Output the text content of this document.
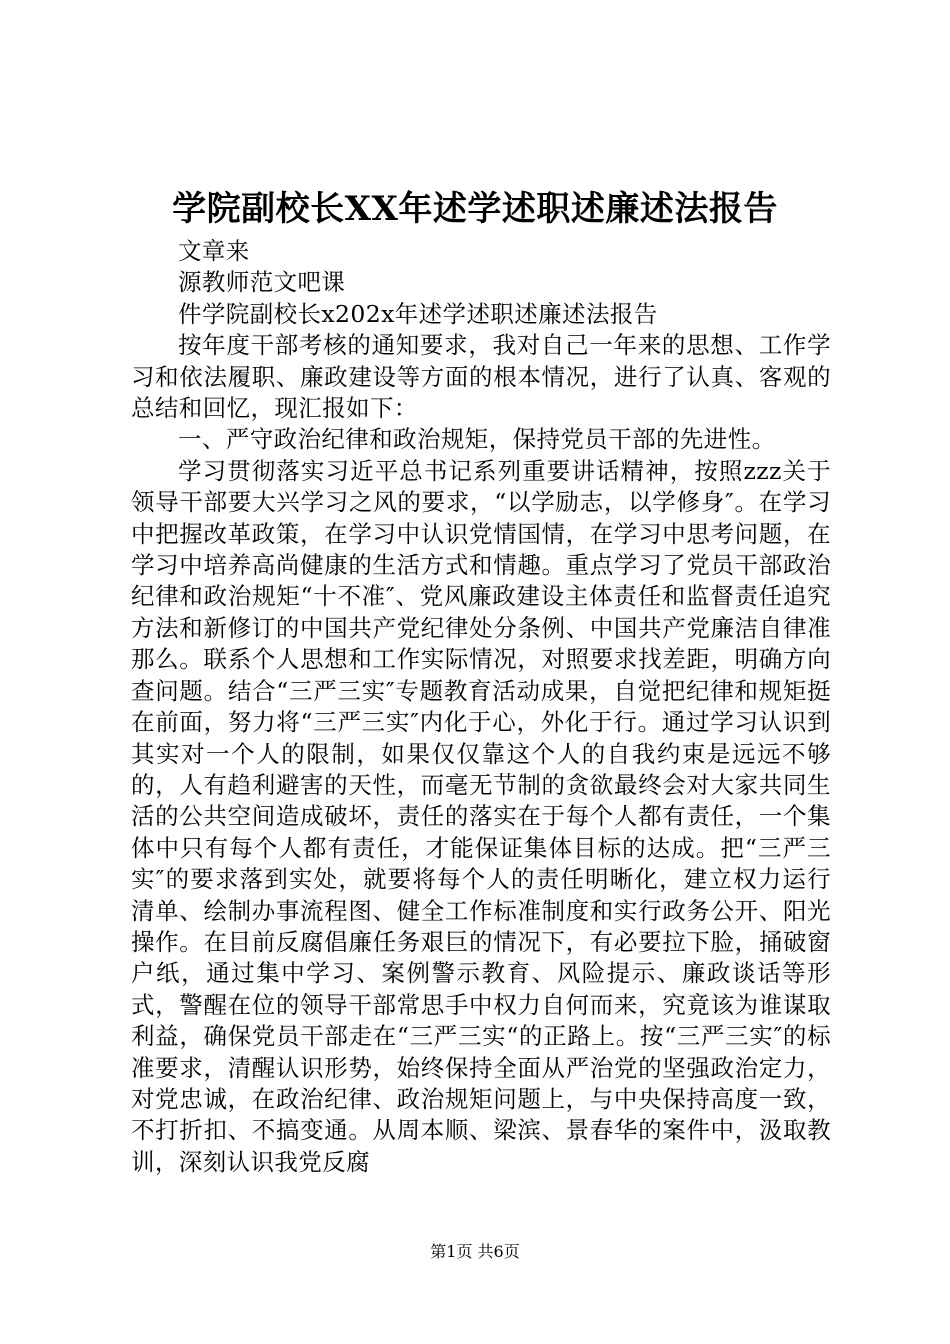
学院副校长XX年述学述职述廉述法报告

文章来

源教师范文吧课

件学院副校长x202x年述学述职述廉述法报告

按年度干部考核的通知要求，我对自己一年来的思想、工作学习和依法履职、廉政建设等方面的根本情况，进行了认真、客观的总结和回忆，现汇报如下：

一、严守政治纪律和政治规矩，保持党员干部的先进性。

学习贯彻落实习近平总书记系列重要讲话精神，按照zzz关于领导干部要大兴学习之风的要求，“以学励志，以学修身″。在学习中把握改革政策，在学习中认识党情国情，在学习中思考问题，在学习中培养高尚健康的生活方式和情趣。重点学习了党员干部政治纪律和政治规矩“十不准″、党风廉政建设主体责任和监督责任追究方法和新修订的中国共产党纪律处分条例、中国共产党廉洁自律准那么。联系个人思想和工作实际情况，对照要求找差距，明确方向查问题。结合“三严三实″专题教育活动成果，自觉把纪律和规矩挺在前面，努力将“三严三实″内化于心，外化于行。通过学习认识到其实对一个人的限制，如果仅仅靠这个人的自我约束是远远不够的，人有趋利避害的天性，而毫无节制的贪欲最终会对大家共同生活的公共空间造成破坏，责任的落实在于每个人都有责任，一个集体中只有每个人都有责任，才能保证集体目标的达成。把“三严三实″的要求落到实处，就要将每个人的责任明晰化，建立权力运行清单、绘制办事流程图、健全工作标准制度和实行政务公开、阳光操作。在目前反腐倡廉任务艰巨的情况下，有必要拉下脸，捅破窗户纸，通过集中学习、案例警示教育、风险提示、廉政谈话等形式，警醒在位的领导干部常思手中权力自何而来，究竟该为谁谋取利益，确保党员干部走在“三严三实“的正路上。按“三严三实″的标准要求，清醒认识形势，始终保持全面从严治党的坚强政治定力，对党忠诚，在政治纪律、政治规矩问题上，与中央保持高度一致，不打折扣、不搞变通。从周本顺、梁滨、景春华的案件中，汲取教训，深刻认识我党反腐

第1页 共6页
